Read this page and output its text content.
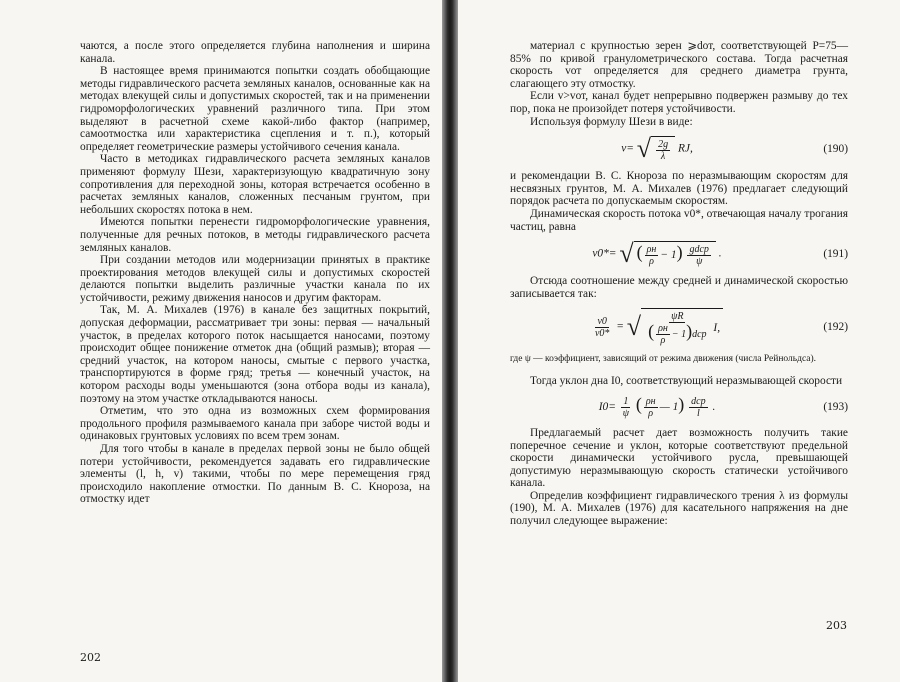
чаются, а после этого определяется глубина наполнения и ширина канала.

В настоящее время принимаются попытки создать обобщающие методы гидравлического расчета земляных каналов, основанные как на методах влекущей силы и допустимых скоростей, так и на применении гидроморфологических уравнений различного типа. При этом выделяют в расчетной схеме какой-либо фактор (например, самоотмостка или характеристика сцепления и т. п.), который определяет геометрические размеры устойчивого сечения канала.

Часто в методиках гидравлического расчета земляных каналов применяют формулу Шези, характеризующую квадратичную зону сопротивления для переходной зоны, которая встречается особенно в расчетах земляных каналов, сложенных песчаным грунтом, при небольших скоростях потока в нем.

Имеются попытки перенести гидроморфологические уравнения, полученные для речных потоков, в методы гидравлического расчета земляных каналов.

При создании методов или модернизации принятых в практике проектирования методов влекущей силы и допустимых скоростей делаются попытки выделить различные участки канала по их устойчивости, режиму движения наносов и другим факторам.

Так, М. А. Михалев (1976) в канале без защитных покрытий, допуская деформации, рассматривает три зоны: первая — начальный участок, в пределах которого поток насыщается наносами, поэтому происходит общее понижение отметок дна (общий размыв); вторая — средний участок, на котором наносы, смытые с первого участка, транспортируются в форме гряд; третья — конечный участок, на котором расходы воды уменьшаются (зона отбора воды из канала), поэтому на этом участке откладываются наносы.

Отметим, что это одна из возможных схем формирования продольного профиля размываемого канала при заборе чистой воды и одинаковых грунтовых условиях по всем трем зонам.

Для того чтобы в канале в пределах первой зоны не было общей потери устойчивости, рекомендуется задавать его гидравлические элементы (l, h, v) такими, чтобы по мере перемещения гряд происходило накопление отмостки. По данным В. С. Кнороза, на отмостку идет

202

материал с крупностью зерен ⩾dот, соответствующей P=75—85% по кривой гранулометрического состава. Тогда расчетная скорость vот определяется для среднего диаметра грунта, слагающего эту отмостку.

Если v>vот, канал будет непрерывно подвержен размыву до тех пор, пока не произойдет потеря устойчивости.

Используя формулу Шези в виде:

v= √ $\frac{2g}{\lambda}$ RJ,	(190)

и рекомендации В. С. Кнороза по неразмывающим скоростям для несвязных грунтов, М. А. Михалев (1976) предлагает следующий порядок расчета по допускаемым скоростям.

Динамическая скорость потока v0*, отвечающая началу трогания частиц, равна

v0*= √ ( $\frac{\rho н}{\rho} - 1) \frac{\text{gdср}}{\psi}$ .	(191)

Отсюда соотношение между средней и динамической скоростью записывается так:

$\frac{v0}{v0*}$ = √ $\frac{\psi R}{( \frac{\rho н}{\rho} - 1)dср} I$,	(192)

где ψ — коэффициент, зависящий от режима движения (числа Рейнольдса).

Тогда уклон дна I0, соответствующий неразмывающей скорости

$I0= \frac{1}{\psi}$ ( $\frac{\rho н}{\rho}$ — $1) \frac{\text{dср}}{l}$ .	(193)

Предлагаемый расчет дает возможность получить такие поперечное сечение и уклон, которые соответствуют предельной скорости динамически устойчивого русла, превышающей допустимую неразмывающую скорость статически устойчивого канала.

Определив коэффициент гидравлического трения λ из формулы (190), М. А. Михалев (1976) для касательного напряжения на дне получил следующее выражение:

203
